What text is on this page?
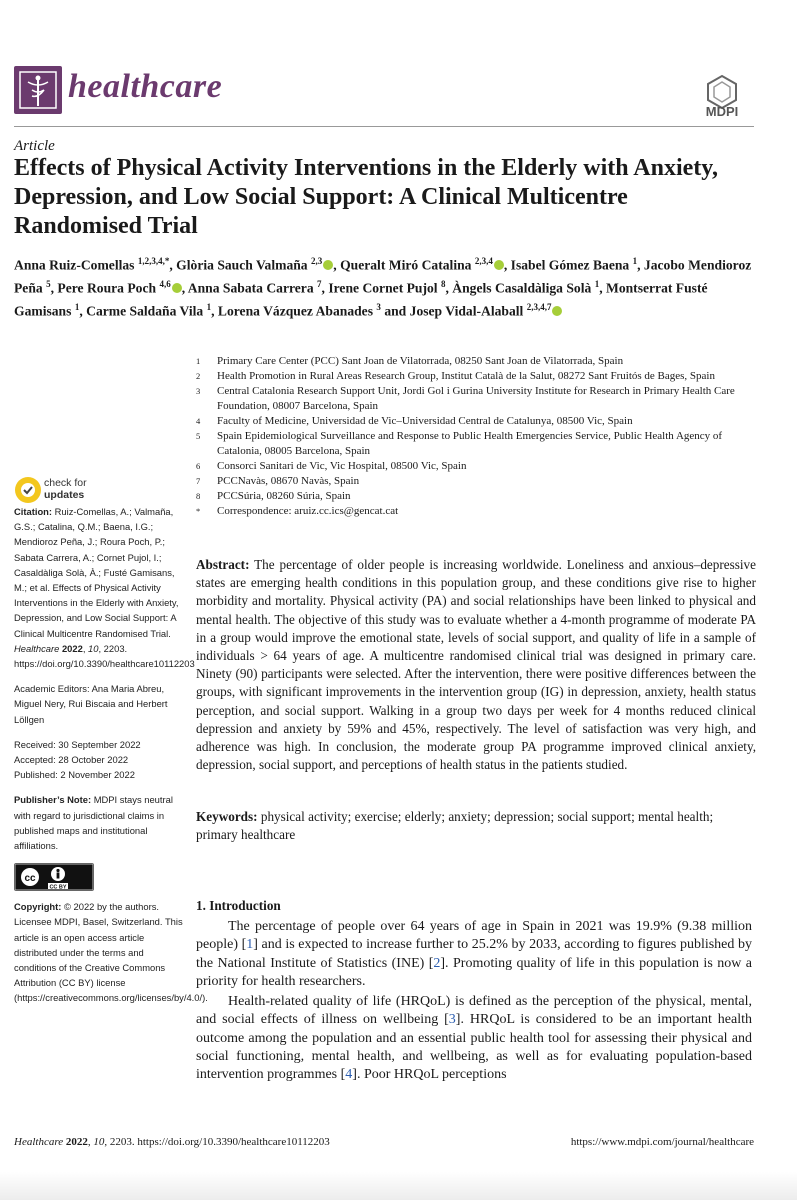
healthcare
MDPI
Article
Effects of Physical Activity Interventions in the Elderly with Anxiety, Depression, and Low Social Support: A Clinical Multicentre Randomised Trial
Anna Ruiz-Comellas $^{1,2,3,4,*}$, Glòria Sauch Valmaña $^{2,3}$ , Queralt Miró Catalina $^{2,3,4}$ , Isabel Gómez Baena $^1$, Jacobo Mendioroz Peña $^5$, Pere Roura Poch $^{4,6}$ , Anna Sabata Carrera $^7$, Irene Cornet Pujol $^8$, Àngels Casaldàliga Solà $^1$, Montserrat Fusté Gamisans $^1$, Carme Saldaña Vila $^1$, Lorena Vázquez Abanades $^3$ and Josep Vidal-Alaball $^{2,3,4,7}$
1	Primary Care Center (PCC) Sant Joan de Vilatorrada, 08250 Sant Joan de Vilatorrada, Spain
2	Health Promotion in Rural Areas Research Group, Institut Català de la Salut, 08272 Sant Fruitós de Bages, Spain
3	Central Catalonia Research Support Unit, Jordi Gol i Gurina University Institute for Research in Primary Health Care Foundation, 08007 Barcelona, Spain
4	Faculty of Medicine, Universidad de Vic–Universidad Central de Catalunya, 08500 Vic, Spain
5	Spain Epidemiological Surveillance and Response to Public Health Emergencies Service, Public Health Agency of Catalonia, 08005 Barcelona, Spain
6	Consorci Sanitari de Vic, Vic Hospital, 08500 Vic, Spain
7	PCCNavàs, 08670 Navàs, Spain
8	PCCSúria, 08260 Súria, Spain
*	Correspondence: aruiz.cc.ics@gencat.cat
check for
updates
Citation: Ruiz-Comellas, A.; Valmaña, G.S.; Catalina, Q.M.; Baena, I.G.; Mendioroz Peña, J.; Roura Poch, P.; Sabata Carrera, A.; Cornet Pujol, I.; Casaldàliga Solà, À.; Fusté Gamisans, M.; et al. Effects of Physical Activity Interventions in the Elderly with Anxiety, Depression, and Low Social Support: A Clinical Multicentre Randomised Trial. Healthcare 2022, 10, 2203. https://doi.org/10.3390/healthcare10112203
Academic Editors: Ana Maria Abreu, Miguel Nery, Rui Biscaia and Herbert Löllgen
Received: 30 September 2022
Accepted: 28 October 2022
Published: 2 November 2022
Publisher’s Note: MDPI stays neutral with regard to jurisdictional claims in published maps and institutional affiliations.
cc
CC BY
Copyright: © 2022 by the authors. Licensee MDPI, Basel, Switzerland. This article is an open access article distributed under the terms and conditions of the Creative Commons Attribution (CC BY) license (https://creativecommons.org/licenses/by/4.0/).
Abstract: The percentage of older people is increasing worldwide. Loneliness and anxious–depressive states are emerging health conditions in this population group, and these conditions give rise to higher morbidity and mortality. Physical activity (PA) and social relationships have been linked to physical and mental health. The objective of this study was to evaluate whether a 4-month programme of moderate PA in a group would improve the emotional state, levels of social support, and quality of life in a sample of individuals > 64 years of age. A multicentre randomised clinical trial was designed in primary care. Ninety (90) participants were selected. After the intervention, there were positive differences between the groups, with significant improvements in the intervention group (IG) in depression, anxiety, health status perception, and social support. Walking in a group two days per week for 4 months reduced clinical depression and anxiety by 59% and 45%, respectively. The level of satisfaction was very high, and adherence was high. In conclusion, the moderate group PA programme improved clinical anxiety, depression, social support, and perceptions of health status in the patients studied.
Keywords: physical activity; exercise; elderly; anxiety; depression; social support; mental health; primary healthcare
1. Introduction

The percentage of people over 64 years of age in Spain in 2021 was 19.9% (9.38 million people) [1] and is expected to increase further to 25.2% by 2033, according to figures published by the National Institute of Statistics (INE) [2]. Promoting quality of life in this population is now a priority for health researchers.

Health-related quality of life (HRQoL) is defined as the perception of the physical, mental, and social effects of illness on wellbeing [3]. HRQoL is considered to be an important health outcome among the population and an essential public health tool for assessing their physical and social functioning, mental health, and wellbeing, as well as for evaluating population-based intervention programmes [4]. Poor HRQoL perceptions

Healthcare 2022, 10, 2203. https://doi.org/10.3390/healthcare10112203	https://www.mdpi.com/journal/healthcare
